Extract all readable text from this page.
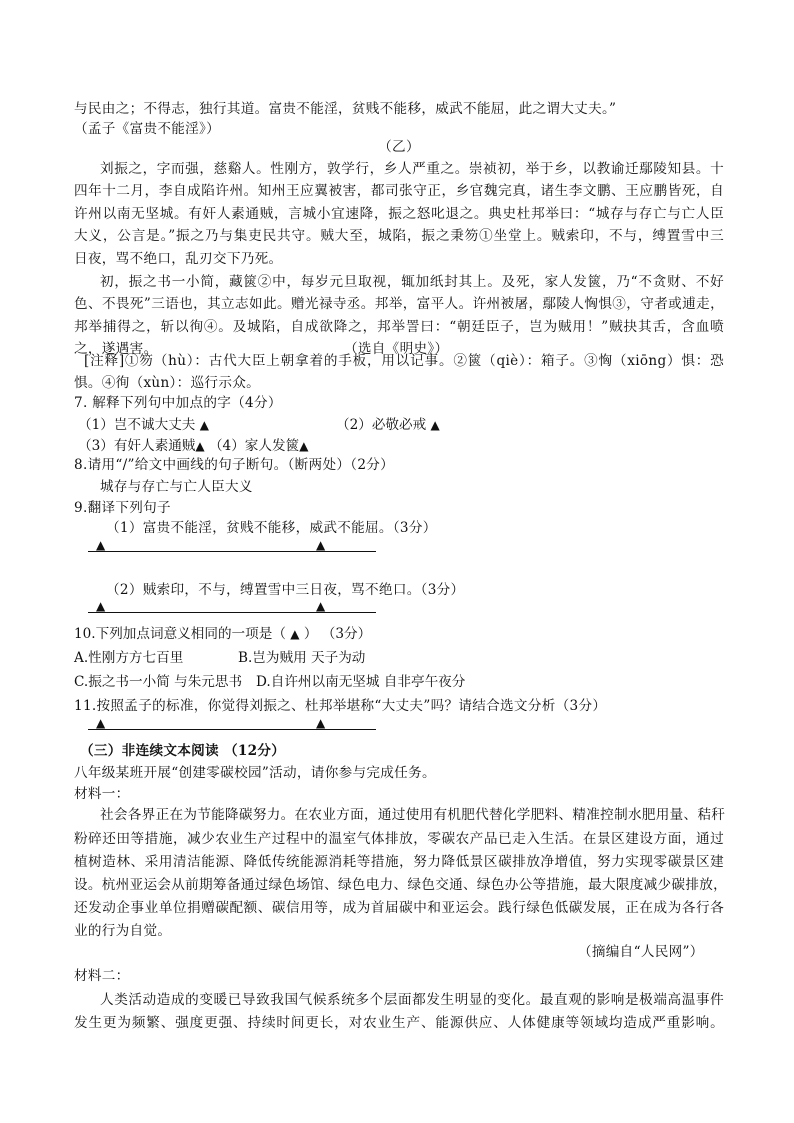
与民由之；不得志，独行其道。富贵不能淫，贫贱不能移，威武不能屈，此之谓大丈夫。”
（孟子《富贵不能淫》）
（乙）
刘振之，字而强，慈谿人。性刚方，敦学行，乡人严重之。崇祯初，举于乡，以教谕迁鄢陵知县。十
四年十二月，李自成陷许州。知州王应翼被害，都司张守正，乡官魏完真，诸生李文鹏、王应鹏皆死，自
许州以南无坚城。有奸人素通贼，言城小宜速降，振之怒叱退之。典史杜邦举曰：“城存与存亡与亡人臣
大义，公言是。”振之乃与集吏民共守。贼大至，城陷，振之秉笏①坐堂上。贼索印，不与，缚置雪中三
日夜，骂不绝口，乱刃交下乃死。
初，振之书一小简，藏篋②中，每岁元旦取视，辄加纸封其上。及死，家人发篋，乃“不贪财、不好
色、不畏死”三语也，其立志如此。赠光禄寺丞。邦举，富平人。许州被屠，鄢陵人恟惧③，守者或逋走，
邦举捕得之，斩以徇④。及城陷，自成欲降之，邦举詈曰：“朝廷臣子，岂为贼用！”贼抉其舌，含血喷
之，遂遇害。	（选自《明史》）
[注释]①笏（hù）：古代大臣上朝拿着的手板，用以记事。②篋（qiè）：箱子。③恟（xiōng）惧：恐
惧。④徇（xùn）：巡行示众。
7. 解释下列句中加点的字（4分）
（1）岂不诚大丈夫 ▲	（2）必敬必戒 ▲
（3）有奸人素通贼▲ （4）家人发篋▲
8.请用“/”给文中画线的句子断句。（断两处）（2分）
城存与存亡与亡人臣大义
9.翻译下列句子
（1）富贵不能淫，贫贱不能移，威武不能屈。（3分）
▲	▲
（2）贼索印，不与，缚置雪中三日夜，骂不绝口。（3分）
▲	▲
10.下列加点词意义相同的一项是（ ▲ ） （3分）
A.性刚方方七百里	B.岂为贼用 天子为动
C.振之书一小简 与朱元思书 D.自许州以南无坚城 自非亭午夜分
11.按照孟子的标准，你觉得刘振之、杜邦举堪称“大丈夫”吗？请结合选文分析（3分）
▲	▲
（三）非连续文本阅读 （12分）
八年级某班开展“创建零碳校园”活动，请你参与完成任务。
材料一：
社会各界正在为节能降碳努力。在农业方面，通过使用有机肥代替化学肥料、精准控制水肥用量、秸秆
粉碎还田等措施，减少农业生产过程中的温室气体排放，零碳农产品已走入生活。在景区建设方面，通过
植树造林、采用清洁能源、降低传统能源消耗等措施，努力降低景区碳排放净增值，努力实现零碳景区建
设。杭州亚运会从前期筹备通过绿色场馆、绿色电力、绿色交通、绿色办公等措施，最大限度减少碳排放，
还发动企事业单位捐赠碳配额、碳信用等，成为首届碳中和亚运会。践行绿色低碳发展，正在成为各行各
业的行为自觉。
（摘编自“人民网”）
材料二：
人类活动造成的变暖已导致我国气候系统多个层面都发生明显的变化。最直观的影响是极端高温事件
发生更为频繁、强度更强、持续时间更长，对农业生产、能源供应、人体健康等领域均造成严重影响。
